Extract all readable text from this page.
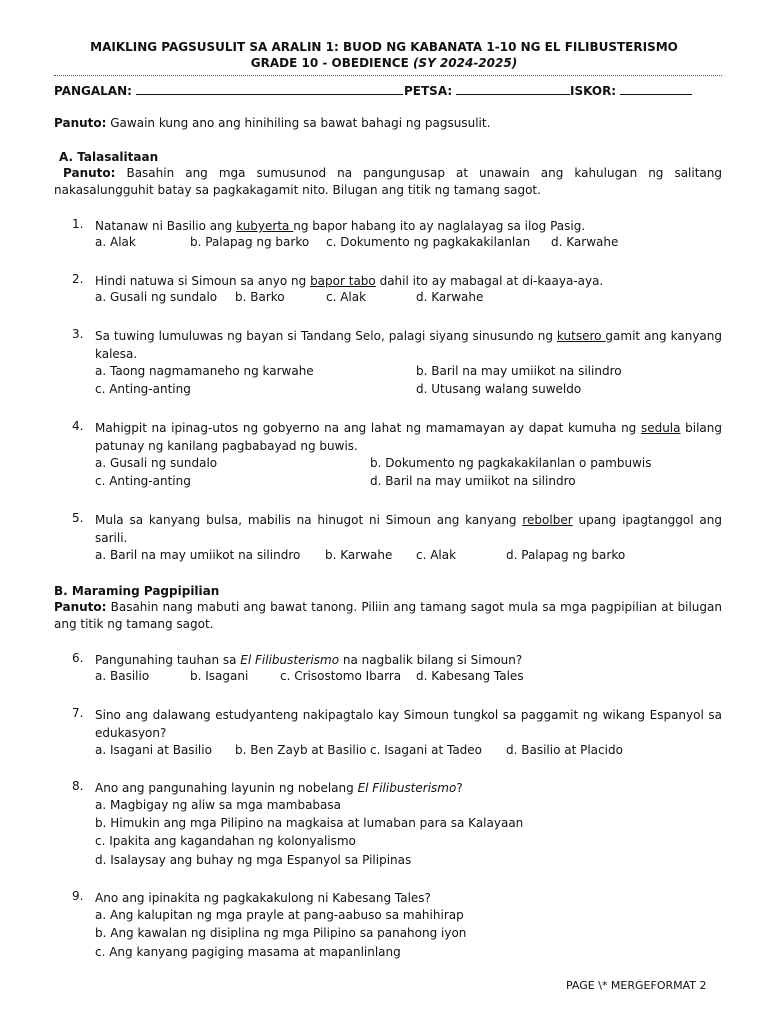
MAIKLING PAGSUSULIT SA ARALIN 1: BUOD NG KABANATA 1-10 NG EL FILIBUSTERISMO
GRADE 10 - OBEDIENCE (SY 2024-2025)
PANGALAN:	PETSA:	ISKOR:
Panuto: Gawain kung ano ang hinihiling sa bawat bahagi ng pagsusulit.
A. Talasalitaan
Panuto: Basahin ang mga sumusunod na pangungusap at unawain ang kahulugan ng salitang nakasalungguhit batay sa pagkakagamit nito. Bilugan ang titik ng tamang sagot.
1. Natanaw ni Basilio ang kubyerta ng bapor habang ito ay naglalayag sa ilog Pasig.
a. Alak	b. Palapag ng barko c. Dokumento ng pagkakakilanlan d. Karwahe
2. Hindi natuwa si Simoun sa anyo ng bapor tabo dahil ito ay mabagal at di-kaaya-aya.
a. Gusali ng sundalo b. Barko	c. Alak	d. Karwahe
3. Sa tuwing lumuluwas ng bayan si Tandang Selo, palagi siyang sinusundo ng kutsero gamit ang kanyang kalesa.
a. Taong nagmamaneho ng karwahe	b. Baril na may umiikot na silindro
c. Anting-anting	d. Utusang walang suweldo
4. Mahigpit na ipinag-utos ng gobyerno na ang lahat ng mamamayan ay dapat kumuha ng sedula bilang patunay ng kanilang pagbabayad ng buwis.
a. Gusali ng sundalo	b. Dokumento ng pagkakakilanlan o pambuwis
c. Anting-anting	d. Baril na may umiikot na silindro
5. Mula sa kanyang bulsa, mabilis na hinugot ni Simoun ang kanyang rebolber upang ipagtanggol ang sarili.
a. Baril na may umiikot na silindro b. Karwahe c. Alak	d. Palapag ng barko
B. Maraming Pagpipilian
Panuto: Basahin nang mabuti ang bawat tanong. Piliin ang tamang sagot mula sa mga pagpipilian at bilugan ang titik ng tamang sagot.
6. Pangunahing tauhan sa El Filibusterismo na nagbalik bilang si Simoun?
a. Basilio	b. Isagani	c. Crisostomo Ibarra d. Kabesang Tales
7. Sino ang dalawang estudyanteng nakipagtalo kay Simoun tungkol sa paggamit ng wikang Espanyol sa edukasyon?
a. Isagani at Basilio b. Ben Zayb at Basilio c. Isagani at Tadeo d. Basilio at Placido
8. Ano ang pangunahing layunin ng nobelang El Filibusterismo?
a. Magbigay ng aliw sa mga mambabasa
b. Himukin ang mga Pilipino na magkaisa at lumaban para sa Kalayaan
c. Ipakita ang kagandahan ng kolonyalismo
d. Isalaysay ang buhay ng mga Espanyol sa Pilipinas
9. Ano ang ipinakita ng pagkakakulong ni Kabesang Tales?
a. Ang kalupitan ng mga prayle at pang-aabuso sa mahihirap
b. Ang kawalan ng disiplina ng mga Pilipino sa panahong iyon
c. Ang kanyang pagiging masama at mapanlinlang
PAGE \* MERGEFORMAT 2
